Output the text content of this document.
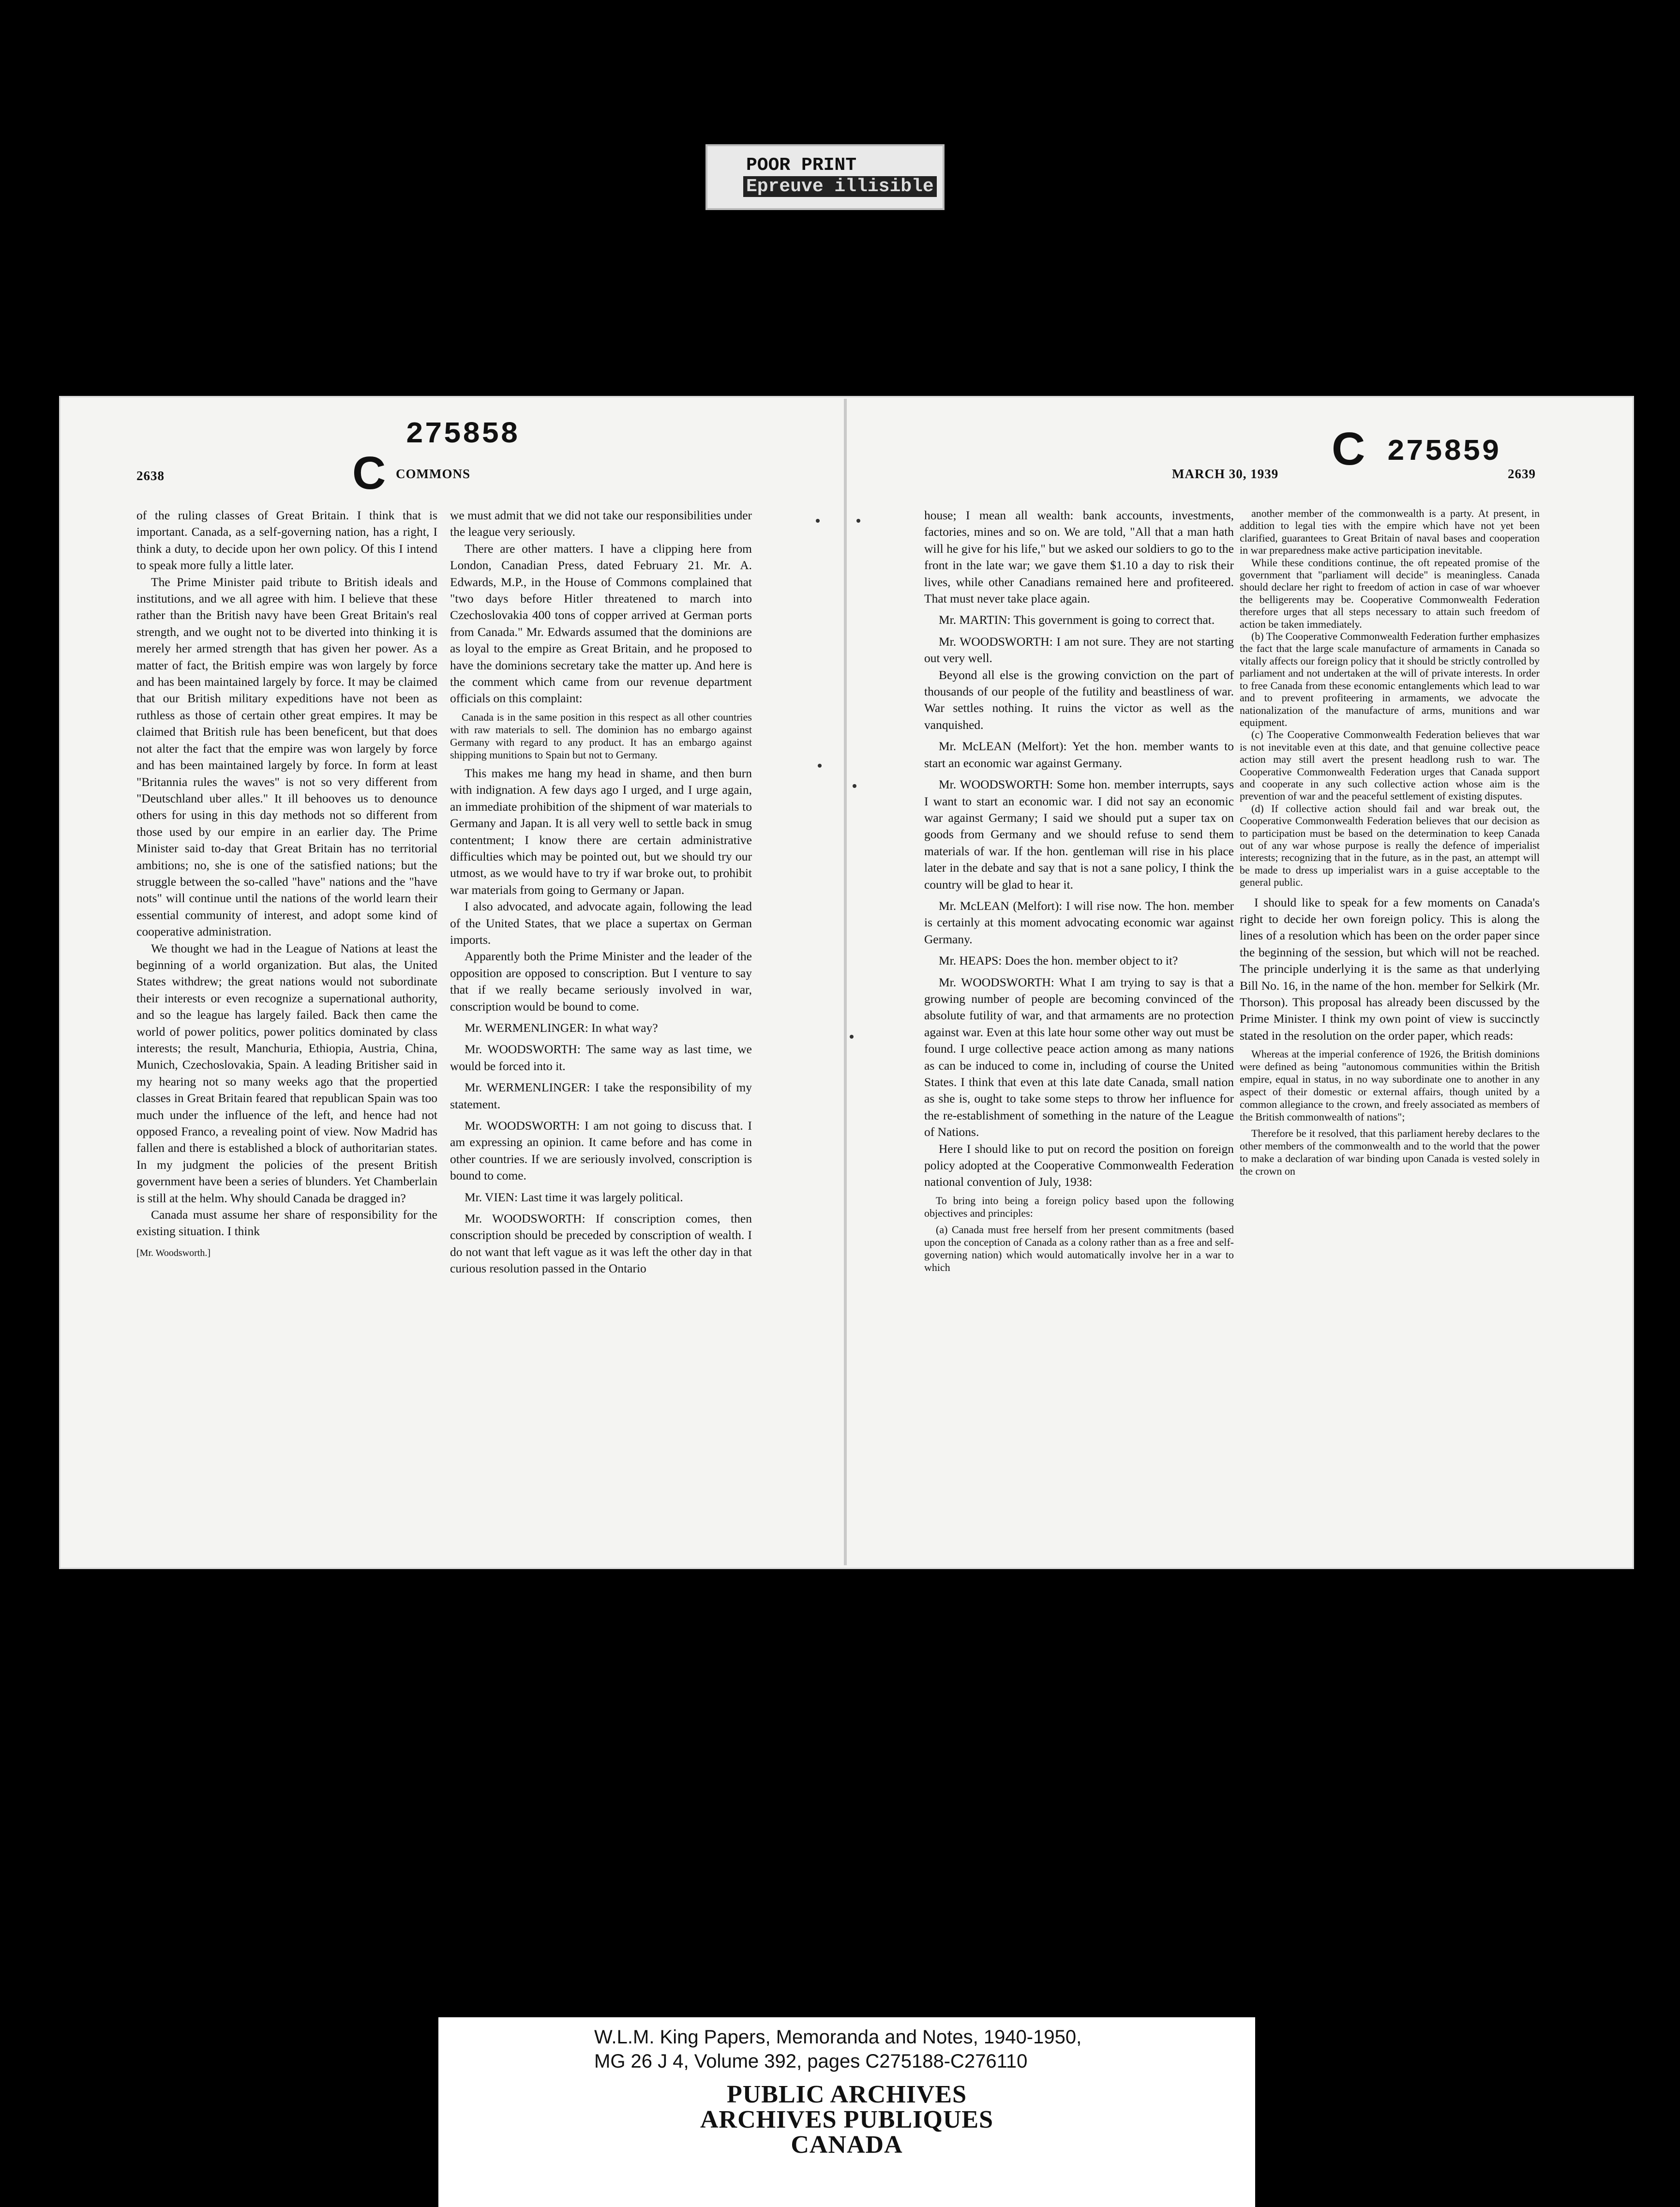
POOR PRINT
Epreuve illisible
275858
C
2638	COMMONS	MARCH 30, 1939 C 275859
2639

of the ruling classes of Great Britain. I think that is important. Canada, as a self-governing nation, has a right, I think a duty, to decide upon her own policy. Of this I intend to speak more fully a little later.

The Prime Minister paid tribute to British ideals and institutions, and we all agree with him. I believe that these rather than the British navy have been Great Britain's real strength, and we ought not to be diverted into thinking it is merely her armed strength that has given her power. As a matter of fact, the British empire was won largely by force and has been maintained largely by force. It may be claimed that our British military expeditions have not been as ruthless as those of certain other great empires. It may be claimed that British rule has been beneficent, but that does not alter the fact that the empire was won largely by force and has been maintained largely by force. In form at least "Britannia rules the waves" is not so very different from "Deutschland uber alles." It ill behooves us to denounce others for using in this day methods not so different from those used by our empire in an earlier day. The Prime Minister said to-day that Great Britain has no territorial ambitions; no, she is one of the satisfied nations; but the struggle between the so-called "have" nations and the "have nots" will continue until the nations of the world learn their essential community of interest, and adopt some kind of cooperative administration.

We thought we had in the League of Nations at least the beginning of a world organization. But alas, the United States withdrew; the great nations would not subordinate their interests or even recognize a supernational authority, and so the league has largely failed. Back then came the world of power politics, power politics dominated by class interests; the result, Manchuria, Ethiopia, Austria, China, Munich, Czechoslovakia, Spain. A leading Britisher said in my hearing not so many weeks ago that the propertied classes in Great Britain feared that republican Spain was too much under the influence of the left, and hence had not opposed Franco, a revealing point of view. Now Madrid has fallen and there is established a block of authoritarian states. In my judgment the policies of the present British government have been a series of blunders. Yet Chamberlain is still at the helm. Why should Canada be dragged in?

Canada must assume her share of responsibility for the existing situation. I think

[Mr. Woodsworth.]

we must admit that we did not take our responsibilities under the league very seriously.

There are other matters. I have a clipping here from London, Canadian Press, dated February 21. Mr. A. Edwards, M.P., in the House of Commons complained that "two days before Hitler threatened to march into Czechoslovakia 400 tons of copper arrived at German ports from Canada." Mr. Edwards assumed that the dominions are as loyal to the empire as Great Britain, and he proposed to have the dominions secretary take the matter up. And here is the comment which came from our revenue department officials on this complaint:

Canada is in the same position in this respect as all other countries with raw materials to sell. The dominion has no embargo against Germany with regard to any product. It has an embargo against shipping munitions to Spain but not to Germany.

This makes me hang my head in shame, and then burn with indignation. A few days ago I urged, and I urge again, an immediate prohibition of the shipment of war materials to Germany and Japan. It is all very well to settle back in smug contentment; I know there are certain administrative difficulties which may be pointed out, but we should try our utmost, as we would have to try if war broke out, to prohibit war materials from going to Germany or Japan.

I also advocated, and advocate again, following the lead of the United States, that we place a supertax on German imports.

Apparently both the Prime Minister and the leader of the opposition are opposed to conscription. But I venture to say that if we really became seriously involved in war, conscription would be bound to come.

Mr. WERMENLINGER: In what way?

Mr. WOODSWORTH: The same way as last time, we would be forced into it.

Mr. WERMENLINGER: I take the responsibility of my statement.

Mr. WOODSWORTH: I am not going to discuss that. I am expressing an opinion. It came before and has come in other countries. If we are seriously involved, conscription is bound to come.

Mr. VIEN: Last time it was largely political.

Mr. WOODSWORTH: If conscription comes, then conscription should be preceded by conscription of wealth. I do not want that left vague as it was left the other day in that curious resolution passed in the Ontario

house; I mean all wealth: bank accounts, investments, factories, mines and so on. We are told, "All that a man hath will he give for his life," but we asked our soldiers to go to the front in the late war; we gave them $1.10 a day to risk their lives, while other Canadians remained here and profiteered. That must never take place again.

Mr. MARTIN: This government is going to correct that.

Mr. WOODSWORTH: I am not sure. They are not starting out very well.

Beyond all else is the growing conviction on the part of thousands of our people of the futility and beastliness of war. War settles nothing. It ruins the victor as well as the vanquished.

Mr. McLEAN (Melfort): Yet the hon. member wants to start an economic war against Germany.

Mr. WOODSWORTH: Some hon. member interrupts, says I want to start an economic war. I did not say an economic war against Germany; I said we should put a super tax on goods from Germany and we should refuse to send them materials of war. If the hon. gentleman will rise in his place later in the debate and say that is not a sane policy, I think the country will be glad to hear it.

Mr. McLEAN (Melfort): I will rise now. The hon. member is certainly at this moment advocating economic war against Germany.

Mr. HEAPS: Does the hon. member object to it?

Mr. WOODSWORTH: What I am trying to say is that a growing number of people are becoming convinced of the absolute futility of war, and that armaments are no protection against war. Even at this late hour some other way out must be found. I urge collective peace action among as many nations as can be induced to come in, including of course the United States. I think that even at this late date Canada, small nation as she is, ought to take some steps to throw her influence for the re-establishment of something in the nature of the League of Nations.

Here I should like to put on record the position on foreign policy adopted at the Cooperative Commonwealth Federation national convention of July, 1938:

To bring into being a foreign policy based upon the following objectives and principles:

(a) Canada must free herself from her present commitments (based upon the conception of Canada as a colony rather than as a free and self-governing nation) which would automatically involve her in a war to which

another member of the commonwealth is a party. At present, in addition to legal ties with the empire which have not yet been clarified, guarantees to Great Britain of naval bases and cooperation in war preparedness make active participation inevitable.

While these conditions continue, the oft repeated promise of the government that "parliament will decide" is meaningless. Canada should declare her right to freedom of action in case of war whoever the belligerents may be. Cooperative Commonwealth Federation therefore urges that all steps necessary to attain such freedom of action be taken immediately.

(b) The Cooperative Commonwealth Federation further emphasizes the fact that the large scale manufacture of armaments in Canada so vitally affects our foreign policy that it should be strictly controlled by parliament and not undertaken at the will of private interests. In order to free Canada from these economic entanglements which lead to war and to prevent profiteering in armaments, we advocate the nationalization of the manufacture of arms, munitions and war equipment.

(c) The Cooperative Commonwealth Federation believes that war is not inevitable even at this date, and that genuine collective peace action may still avert the present headlong rush to war. The Cooperative Commonwealth Federation urges that Canada support and cooperate in any such collective action whose aim is the prevention of war and the peaceful settlement of existing disputes.

(d) If collective action should fail and war break out, the Cooperative Commonwealth Federation believes that our decision as to participation must be based on the determination to keep Canada out of any war whose purpose is really the defence of imperialist interests; recognizing that in the future, as in the past, an attempt will be made to dress up imperialist wars in a guise acceptable to the general public.

I should like to speak for a few moments on Canada's right to decide her own foreign policy. This is along the lines of a resolution which has been on the order paper since the beginning of the session, but which will not be reached. The principle underlying it is the same as that underlying Bill No. 16, in the name of the hon. member for Selkirk (Mr. Thorson). This proposal has already been discussed by the Prime Minister. I think my own point of view is succinctly stated in the resolution on the order paper, which reads:

Whereas at the imperial conference of 1926, the British dominions were defined as being "autonomous communities within the British empire, equal in status, in no way subordinate one to another in any aspect of their domestic or external affairs, though united by a common allegiance to the crown, and freely associated as members of the British commonwealth of nations";

Therefore be it resolved, that this parliament hereby declares to the other members of the commonwealth and to the world that the power to make a declaration of war binding upon Canada is vested solely in the crown on

W.L.M. King Papers, Memoranda and Notes, 1940-1950,
MG 26 J 4, Volume 392, pages C275188-C276110
PUBLIC ARCHIVES
ARCHIVES PUBLIQUES
CANADA
